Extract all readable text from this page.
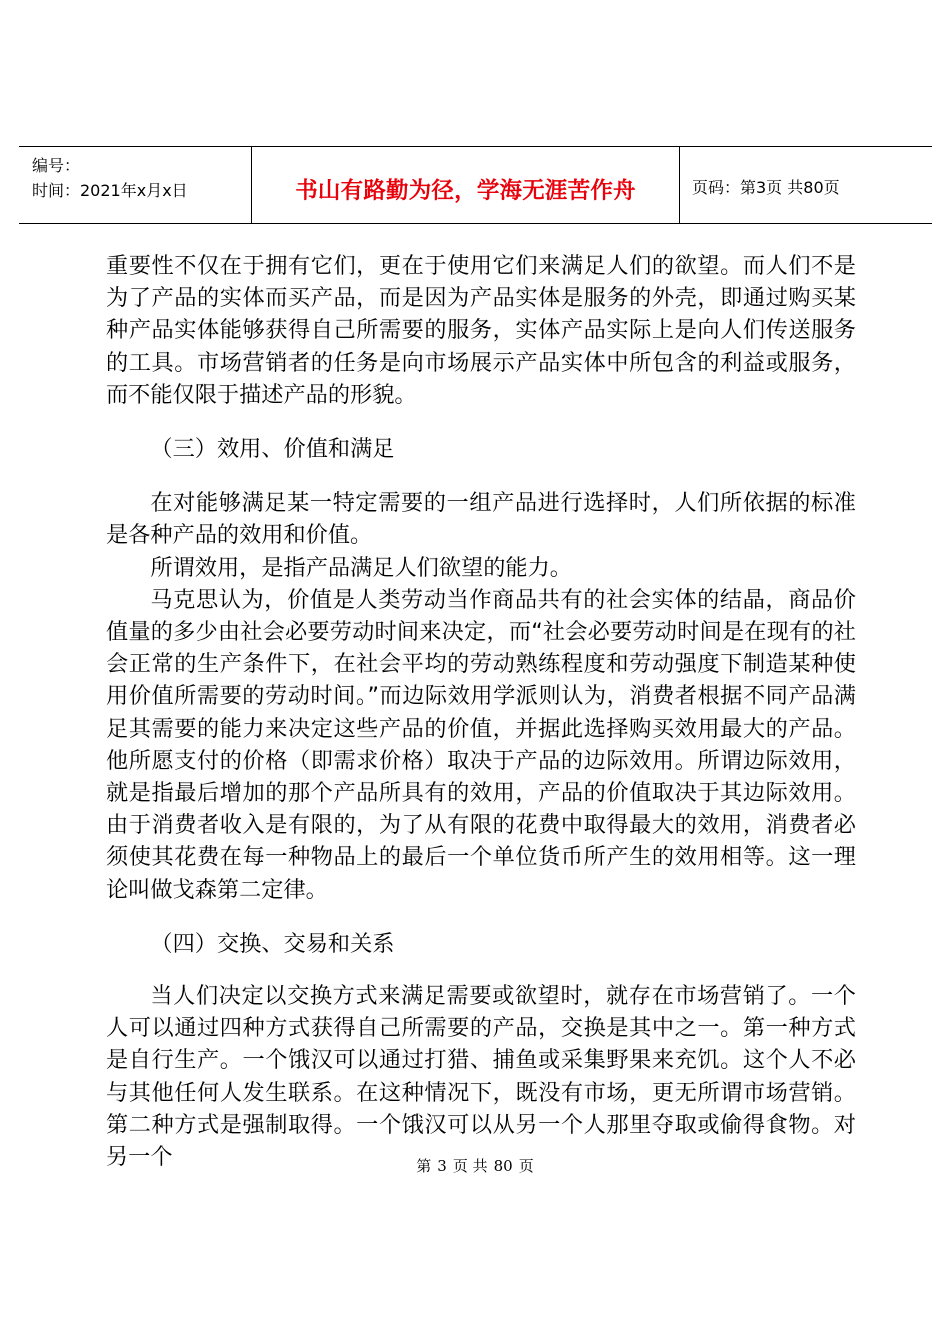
编号：
时间：2021年x月x日	书山有路勤为径，学海无涯苦作舟	页码：第3页 共80页

重要性不仅在于拥有它们，更在于使用它们来满足人们的欲望。而人们不是为了产品的实体而买产品，而是因为产品实体是服务的外壳，即通过购买某种产品实体能够获得自己所需要的服务，实体产品实际上是向人们传送服务的工具。市场营销者的任务是向市场展示产品实体中所包含的利益或服务，而不能仅限于描述产品的形貌。

（三）效用、价值和满足

在对能够满足某一特定需要的一组产品进行选择时，人们所依据的标准是各种产品的效用和价值。

所谓效用，是指产品满足人们欲望的能力。

马克思认为，价值是人类劳动当作商品共有的社会实体的结晶，商品价值量的多少由社会必要劳动时间来决定，而“社会必要劳动时间是在现有的社会正常的生产条件下，在社会平均的劳动熟练程度和劳动强度下制造某种使用价值所需要的劳动时间。”而边际效用学派则认为，消费者根据不同产品满足其需要的能力来决定这些产品的价值，并据此选择购买效用最大的产品。他所愿支付的价格（即需求价格）取决于产品的边际效用。所谓边际效用，就是指最后增加的那个产品所具有的效用，产品的价值取决于其边际效用。由于消费者收入是有限的，为了从有限的花费中取得最大的效用，消费者必须使其花费在每一种物品上的最后一个单位货币所产生的效用相等。这一理论叫做戈森第二定律。

（四）交换、交易和关系

当人们决定以交换方式来满足需要或欲望时，就存在市场营销了。一个人可以通过四种方式获得自己所需要的产品，交换是其中之一。第一种方式是自行生产。一个饿汉可以通过打猎、捕鱼或采集野果来充饥。这个人不必与其他任何人发生联系。在这种情况下，既没有市场，更无所谓市场营销。第二种方式是强制取得。一个饿汉可以从另一个人那里夺取或偷得食物。对另一个	第 3 页 共 80 页
